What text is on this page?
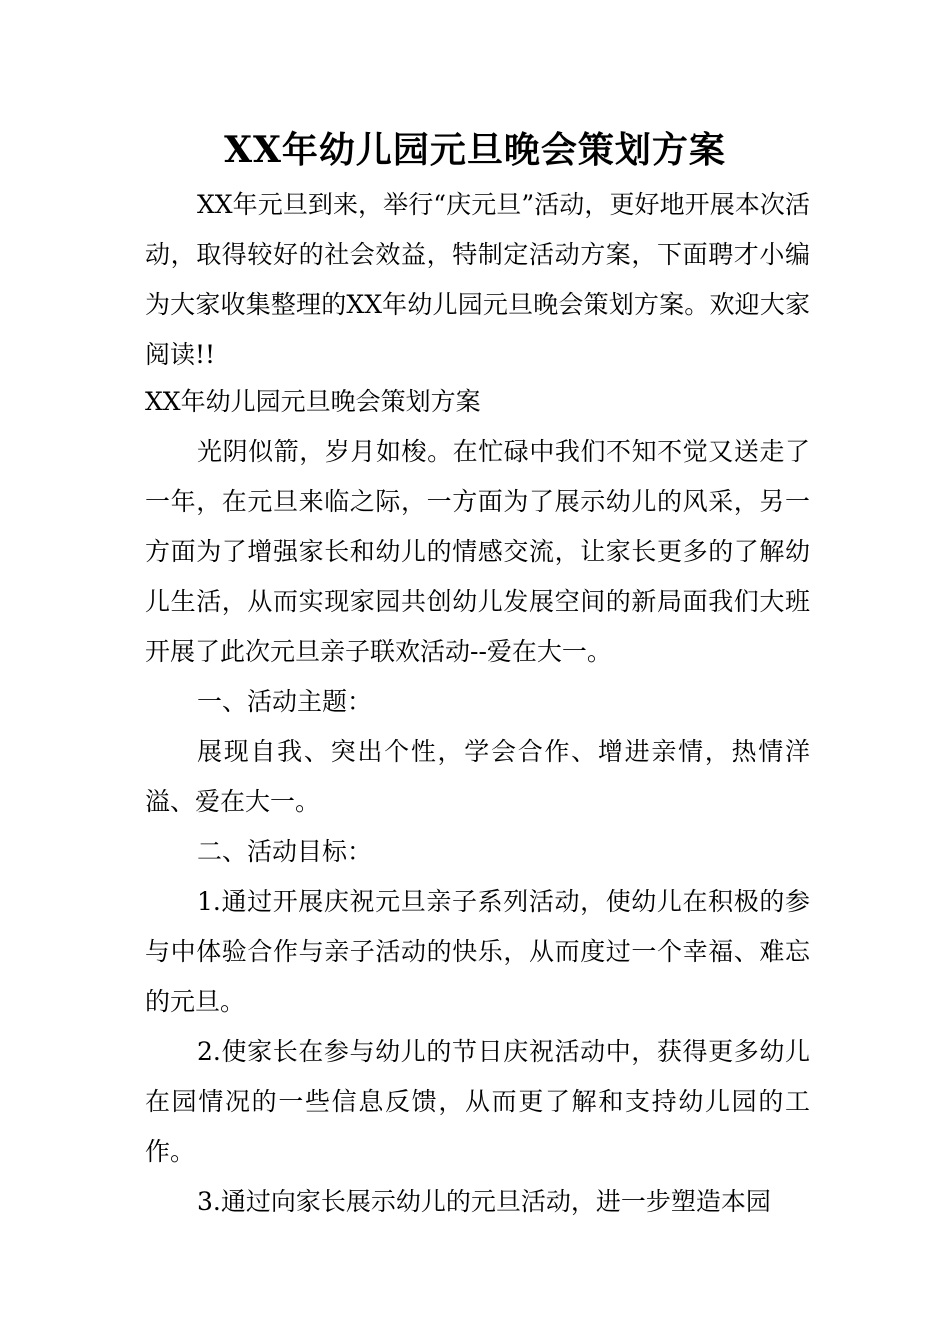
XX年幼儿园元旦晚会策划方案

XX年元旦到来，举行“庆元旦”活动，更好地开展本次活动，取得较好的社会效益，特制定活动方案，下面聘才小编为大家收集整理的XX年幼儿园元旦晚会策划方案。欢迎大家阅读!!

XX年幼儿园元旦晚会策划方案

光阴似箭，岁月如梭。在忙碌中我们不知不觉又送走了一年，在元旦来临之际，一方面为了展示幼儿的风采，另一方面为了增强家长和幼儿的情感交流，让家长更多的了解幼儿生活，从而实现家园共创幼儿发展空间的新局面我们大班开展了此次元旦亲子联欢活动--爱在大一。

一、活动主题：

展现自我、突出个性，学会合作、增进亲情，热情洋溢、爱在大一。

二、活动目标：

1.通过开展庆祝元旦亲子系列活动，使幼儿在积极的参与中体验合作与亲子活动的快乐，从而度过一个幸福、难忘的元旦。

2.使家长在参与幼儿的节日庆祝活动中，获得更多幼儿在园情况的一些信息反馈，从而更了解和支持幼儿园的工作。

3.通过向家长展示幼儿的元旦活动，进一步塑造本园
